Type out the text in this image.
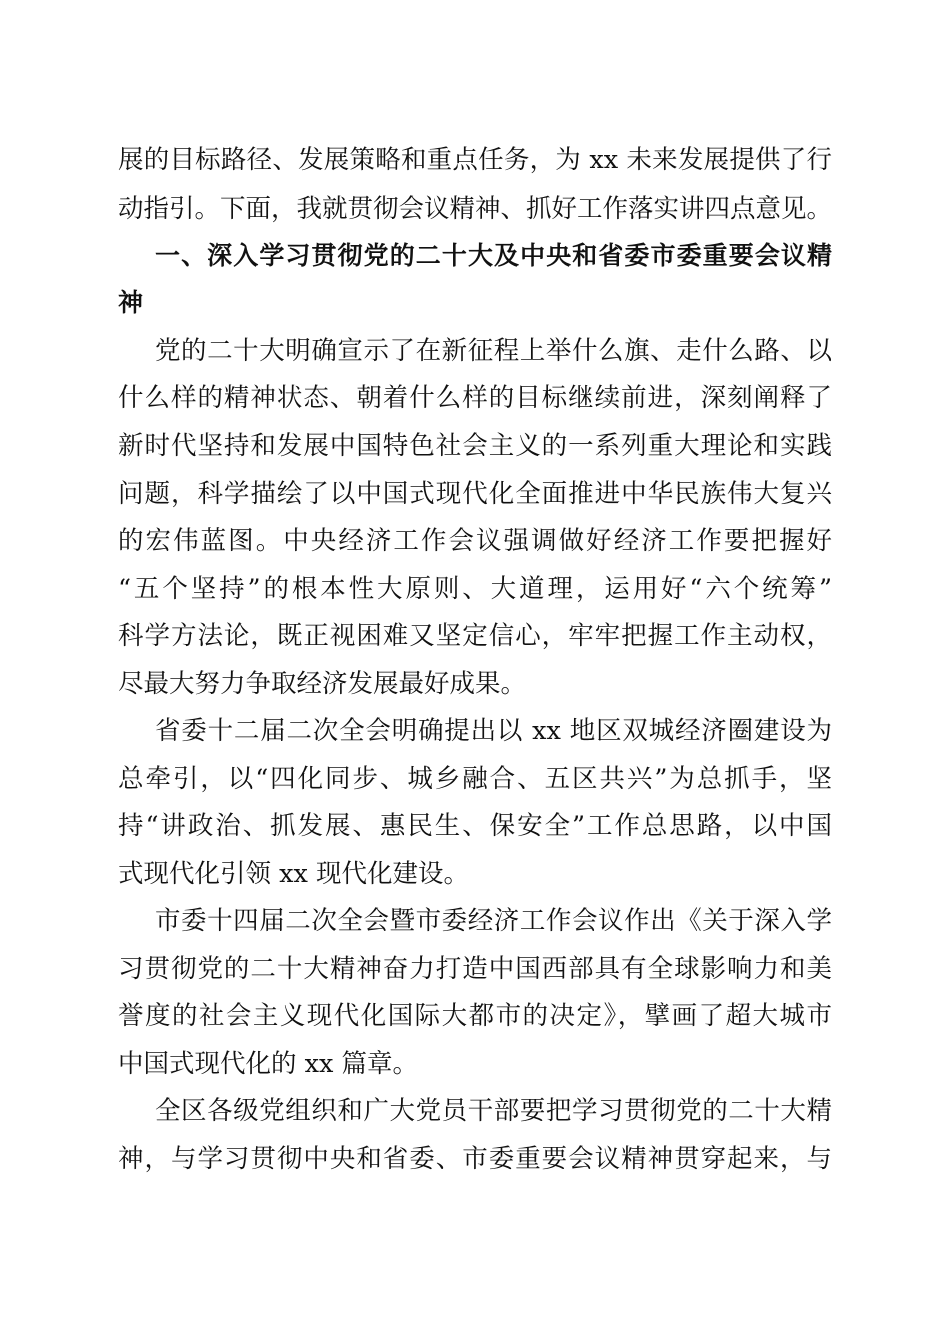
展的目标路径、发展策略和重点任务，为 xx 未来发展提供了行
动指引。下面，我就贯彻会议精神、抓好工作落实讲四点意见。
一、深入学习贯彻党的二十大及中央和省委市委重要会议精
神
党的二十大明确宣示了在新征程上举什么旗、走什么路、以
什么样的精神状态、朝着什么样的目标继续前进，深刻阐释了
新时代坚持和发展中国特色社会主义的一系列重大理论和实践
问题，科学描绘了以中国式现代化全面推进中华民族伟大复兴
的宏伟蓝图。中央经济工作会议强调做好经济工作要把握好
“五个坚持”的根本性大原则、大道理，运用好“六个统筹”
科学方法论，既正视困难又坚定信心，牢牢把握工作主动权，
尽最大努力争取经济发展最好成果。
省委十二届二次全会明确提出以 xx 地区双城经济圈建设为
总牵引，以“四化同步、城乡融合、五区共兴”为总抓手，坚
持“讲政治、抓发展、惠民生、保安全”工作总思路，以中国
式现代化引领 xx 现代化建设。
市委十四届二次全会暨市委经济工作会议作出《关于深入学
习贯彻党的二十大精神奋力打造中国西部具有全球影响力和美
誉度的社会主义现代化国际大都市的决定》，擘画了超大城市
中国式现代化的 xx 篇章。
全区各级党组织和广大党员干部要把学习贯彻党的二十大精
神，与学习贯彻中央和省委、市委重要会议精神贯穿起来，与
